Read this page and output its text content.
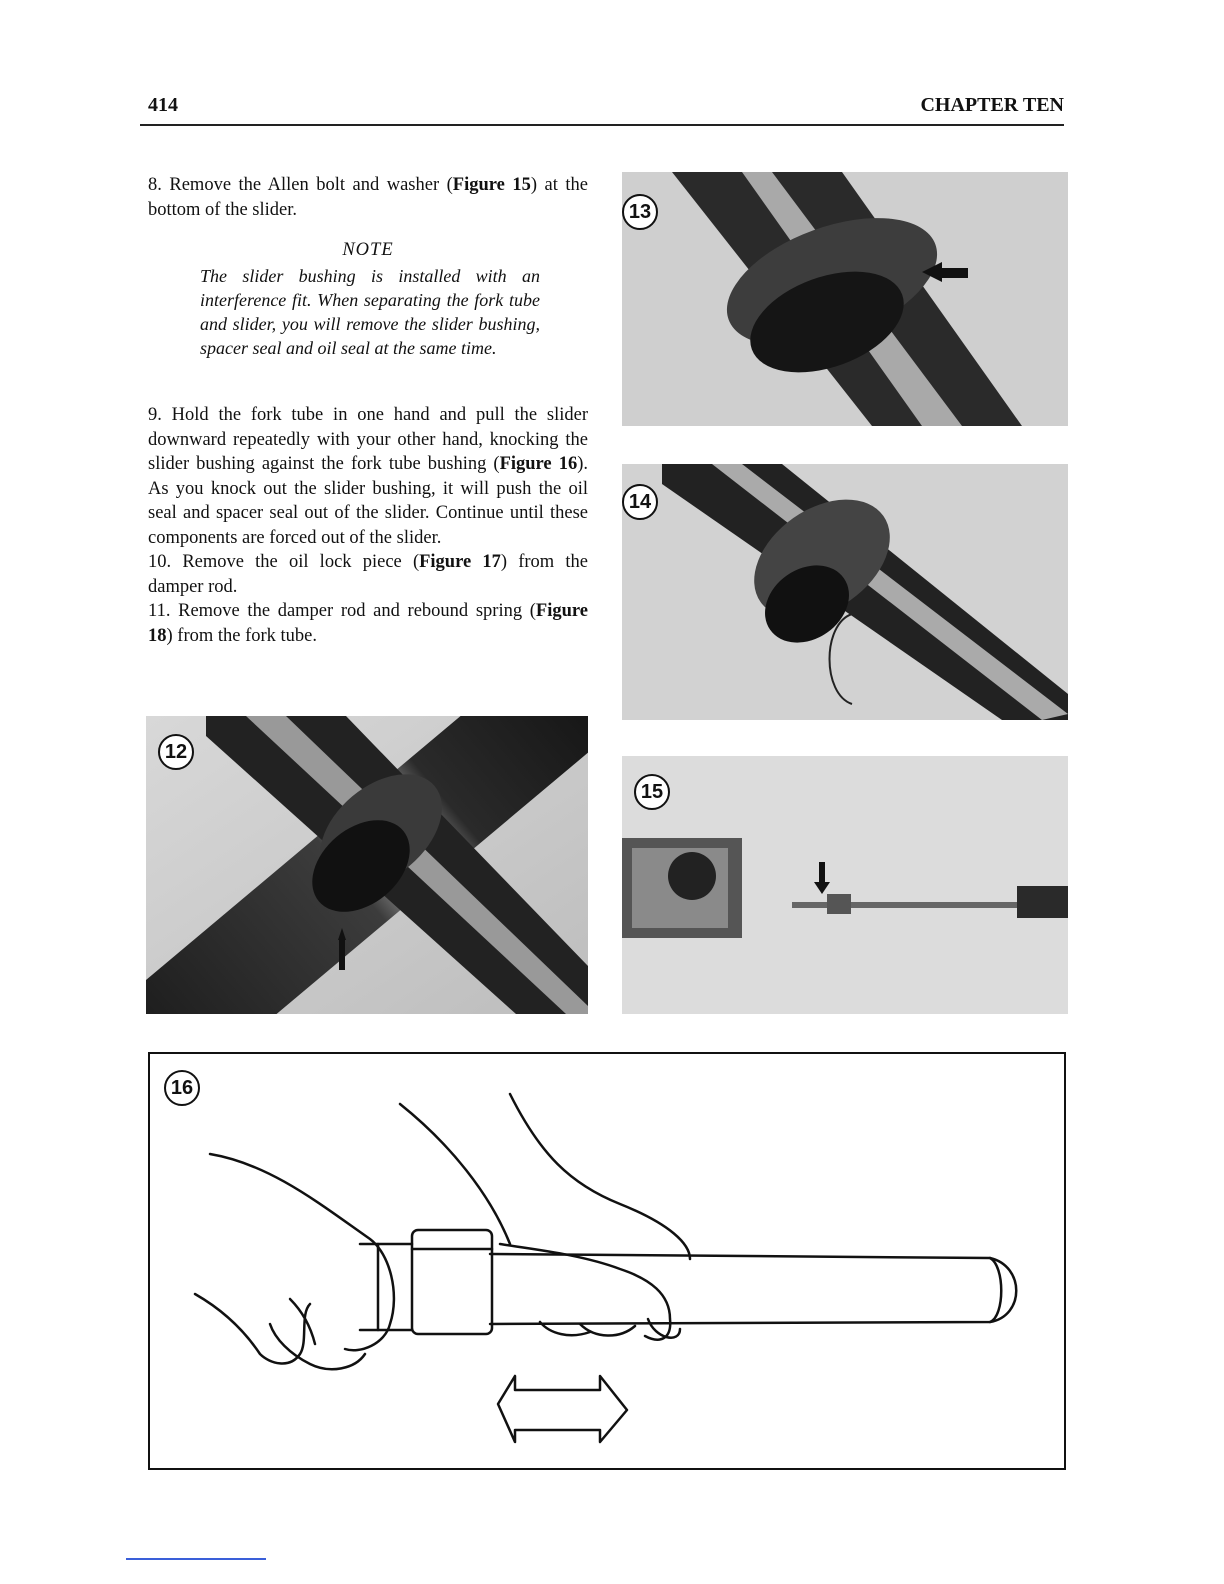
414	CHAPTER TEN

8. Remove the Allen bolt and washer (Figure 15) at the bottom of the slider.

NOTE
The slider bushing is installed with an interference fit. When separating the fork tube and slider, you will remove the slider bushing, spacer seal and oil seal at the same time.

9. Hold the fork tube in one hand and pull the slider downward repeatedly with your other hand, knocking the slider bushing against the fork tube bushing (Figure 16). As you knock out the slider bushing, it will push the oil seal and spacer seal out of the slider. Continue until these components are forced out of the slider.

10. Remove the oil lock piece (Figure 17) from the damper rod.

11. Remove the damper rod and rebound spring (Figure 18) from the fork tube.

12
13
14
15
16
